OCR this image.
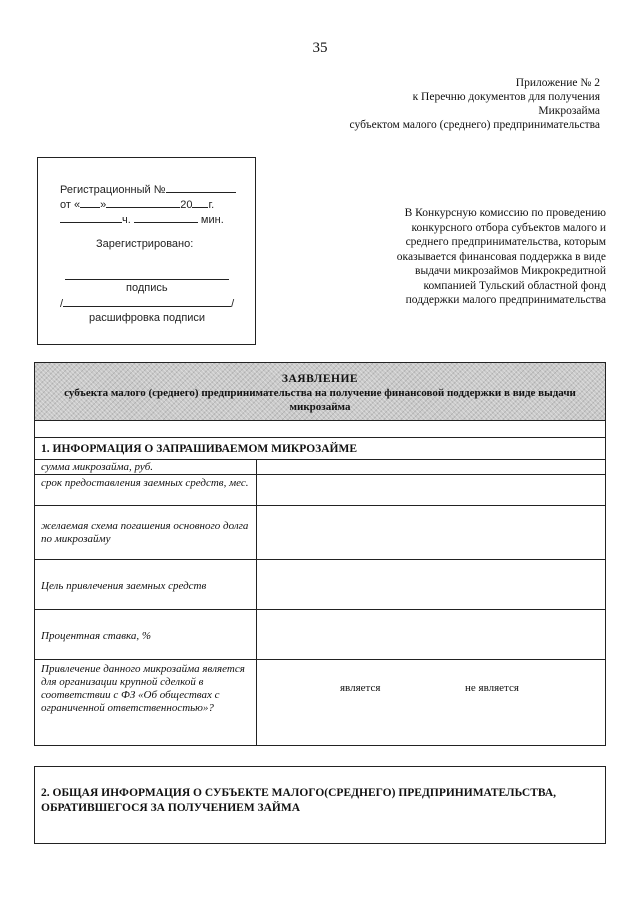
35
Приложение № 2
к Перечню документов для получения
Микрозайма
субъектом малого (среднего) предпринимательства
Регистрационный №
от « »	20 г.
ч.	мин.
Зарегистрировано:
подпись
/	/
расшифровка подписи
В Конкурсную комиссию по проведению
конкурсного отбора субъектов малого и
среднего предпринимательства, которым
оказывается финансовая поддержка в виде
выдачи микрозаймов Микрокредитной
компанией Тульский областной фонд
поддержки малого предпринимательства
ЗАЯВЛЕНИЕ
субъекта малого (среднего) предпринимательства на получение финансовой поддержки в виде выдачи
микрозайма
1. ИНФОРМАЦИЯ О ЗАПРАШИВАЕМОМ МИКРОЗАЙМЕ
сумма микрозайма, руб.
срок предоставления заемных средств, мес.
желаемая схема погашения основного долга по микрозайму
Цель привлечения заемных средств
Процентная ставка, %
Привлечение данного микрозайма является для организации крупной сделкой в соответствии с ФЗ «Об обществах с ограниченной ответственностью»?
является	не является
2. ОБЩАЯ ИНФОРМАЦИЯ О СУБЪЕКТЕ МАЛОГО(СРЕДНЕГО) ПРЕДПРИНИМАТЕЛЬСТВА,
ОБРАТИВШЕГОСЯ ЗА ПОЛУЧЕНИЕМ ЗАЙМА
